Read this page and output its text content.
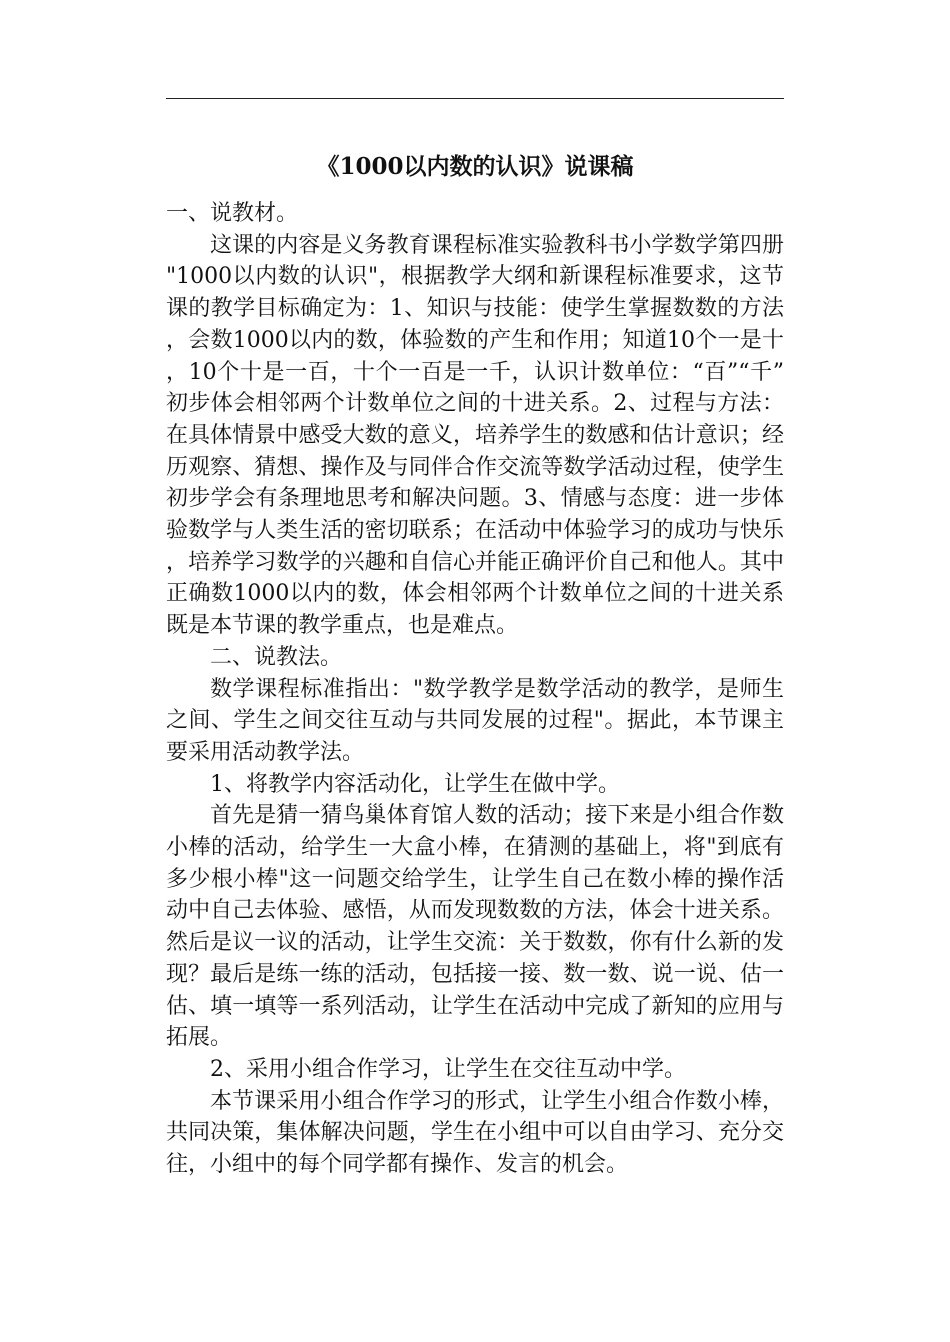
《1000以内数的认识》说课稿

一、说教材。

这课的内容是义务教育课程标准实验教科书小学数学第四册"1000以内数的认识"，根据教学大纲和新课程标准要求，这节课的教学目标确定为：1、知识与技能：使学生掌握数数的方法，会数1000以内的数，体验数的产生和作用；知道10个一是十，10个十是一百，十个一百是一千，认识计数单位：“百”“千” 初步体会相邻两个计数单位之间的十进关系。2、过程与方法：在具体情景中感受大数的意义，培养学生的数感和估计意识；经历观察、猜想、操作及与同伴合作交流等数学活动过程，使学生初步学会有条理地思考和解决问题。3、情感与态度：进一步体验数学与人类生活的密切联系；在活动中体验学习的成功与快乐，培养学习数学的兴趣和自信心并能正确评价自己和他人。其中正确数1000以内的数，体会相邻两个计数单位之间的十进关系既是本节课的教学重点，也是难点。

二、说教法。

数学课程标准指出："数学教学是数学活动的教学，是师生之间、学生之间交往互动与共同发展的过程"。据此，本节课主要采用活动教学法。

1、将教学内容活动化，让学生在做中学。

首先是猜一猜鸟巢体育馆人数的活动；接下来是小组合作数小棒的活动，给学生一大盒小棒，在猜测的基础上，将"到底有多少根小棒"这一问题交给学生，让学生自己在数小棒的操作活动中自己去体验、感悟，从而发现数数的方法，体会十进关系。然后是议一议的活动，让学生交流：关于数数，你有什么新的发现？最后是练一练的活动，包括接一接、数一数、说一说、估一估、填一填等一系列活动，让学生在活动中完成了新知的应用与拓展。

2、采用小组合作学习，让学生在交往互动中学。

本节课采用小组合作学习的形式，让学生小组合作数小棒，共同决策，集体解决问题，学生在小组中可以自由学习、充分交往，小组中的每个同学都有操作、发言的机会。
